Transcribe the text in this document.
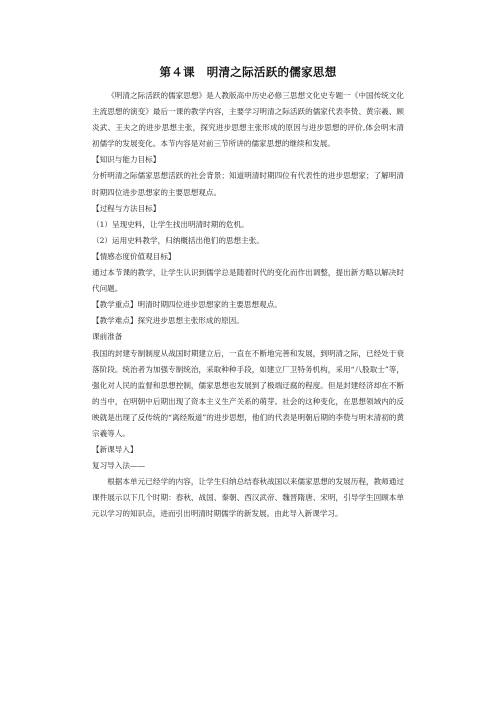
第４课　明清之际活跃的儒家思想

《明清之际活跃的儒家思想》是人教版高中历史必修三思想文化史专题一《中国传统文化主流思想的演变》最后一课的教学内容，主要学习明清之际活跃的儒家代表李贽、黄宗羲、顾炎武、王夫之的进步思想主张，探究进步思想主张形成的原因与进步思想的评价,体会明末清初儒学的发展变化。本节内容是对前三节所讲的儒家思想的继续和发展。

【知识与能力目标】

分析明清之际儒家思想活跃的社会背景；知道明清时期四位有代表性的进步思想家；了解明清时期四位进步思想家的主要思想观点。

【过程与方法目标】

（1）呈现史料，让学生找出明清时期的危机。

（2）运用史料教学，归纳概括出他们的思想主张。

【情感态度价值观目标】

通过本节课的教学，让学生认识到儒学总是随着时代的变化而作出调整，提出新方略以解决时代问题。

【教学重点】明清时期四位进步思想家的主要思想观点。

【教学难点】探究进步思想主张形成的原因。

课前准备

我国的封建专制制度从战国时期建立后，一直在不断地完善和发展，到明清之际，已经处于衰落阶段。统治者为加强专制统治，采取种种手段，如建立厂卫特务机构，采用“八股取士”等，强化对人民的监督和思想控制，儒家思想也发展到了极端迂腐的程度。但是封建经济却在不断的当中，在明朝中后期出现了资本主义生产关系的萌芽。社会的这种变化，在思想领域内的反映就是出现了反传统的“离经叛道”的进步思想，他们的代表是明朝后期的李贽与明末清初的黄宗羲等人。

【新课导入】

复习导入法——

根据本单元已经学的内容，让学生归纳总结春秋战国以来儒家思想的发展历程，教师通过课件展示以下几个时期：春秋、战国、秦朝、西汉武帝、魏晋隋唐、宋明，引导学生回顾本单元以学习的知识点，进而引出明清时期儒学的新发展。由此导入新课学习。
